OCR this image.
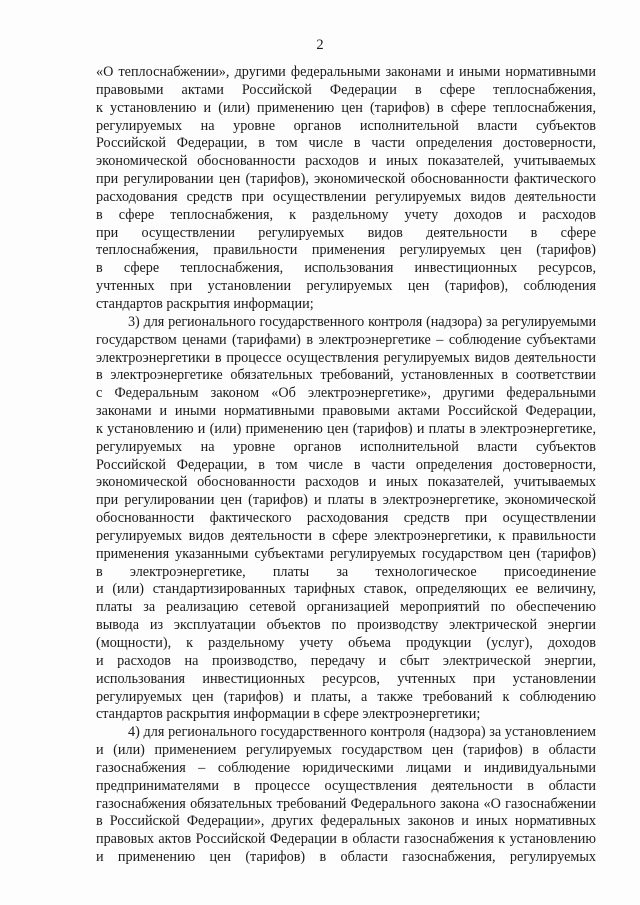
2
«О теплоснабжении», другими федеральными законами и иными нормативными
правовыми актами Российской Федерации в сфере теплоснабжения,
к установлению и (или) применению цен (тарифов) в сфере теплоснабжения,
регулируемых на уровне органов исполнительной власти субъектов
Российской Федерации, в том числе в части определения достоверности,
экономической обоснованности расходов и иных показателей, учитываемых
при регулировании цен (тарифов), экономической обоснованности фактического
расходования средств при осуществлении регулируемых видов деятельности
в сфере теплоснабжения, к раздельному учету доходов и расходов
при осуществлении регулируемых видов деятельности в сфере
теплоснабжения, правильности применения регулируемых цен (тарифов)
в сфере теплоснабжения, использования инвестиционных ресурсов,
учтенных при установлении регулируемых цен (тарифов), соблюдения
стандартов раскрытия информации;
3) для регионального государственного контроля (надзора) за регулируемыми
государством ценами (тарифами) в электроэнергетике – соблюдение субъектами
электроэнергетики в процессе осуществления регулируемых видов деятельности
в электроэнергетике обязательных требований, установленных в соответствии
с Федеральным законом «Об электроэнергетике», другими федеральными
законами и иными нормативными правовыми актами Российской Федерации,
к установлению и (или) применению цен (тарифов) и платы в электроэнергетике,
регулируемых на уровне органов исполнительной власти субъектов
Российской Федерации, в том числе в части определения достоверности,
экономической обоснованности расходов и иных показателей, учитываемых
при регулировании цен (тарифов) и платы в электроэнергетике, экономической
обоснованности фактического расходования средств при осуществлении
регулируемых видов деятельности в сфере электроэнергетики, к правильности
применения указанными субъектами регулируемых государством цен (тарифов)
в электроэнергетике, платы за технологическое присоединение
и (или) стандартизированных тарифных ставок, определяющих ее величину,
платы за реализацию сетевой организацией мероприятий по обеспечению
вывода из эксплуатации объектов по производству электрической энергии
(мощности), к раздельному учету объема продукции (услуг), доходов
и расходов на производство, передачу и сбыт электрической энергии,
использования инвестиционных ресурсов, учтенных при установлении
регулируемых цен (тарифов) и платы, а также требований к соблюдению
стандартов раскрытия информации в сфере электроэнергетики;
4) для регионального государственного контроля (надзора) за установлением
и (или) применением регулируемых государством цен (тарифов) в области
газоснабжения – соблюдение юридическими лицами и индивидуальными
предпринимателями в процессе осуществления деятельности в области
газоснабжения обязательных требований Федерального закона «О газоснабжении
в Российской Федерации», других федеральных законов и иных нормативных
правовых актов Российской Федерации в области газоснабжения к установлению
и применению цен (тарифов) в области газоснабжения, регулируемых
